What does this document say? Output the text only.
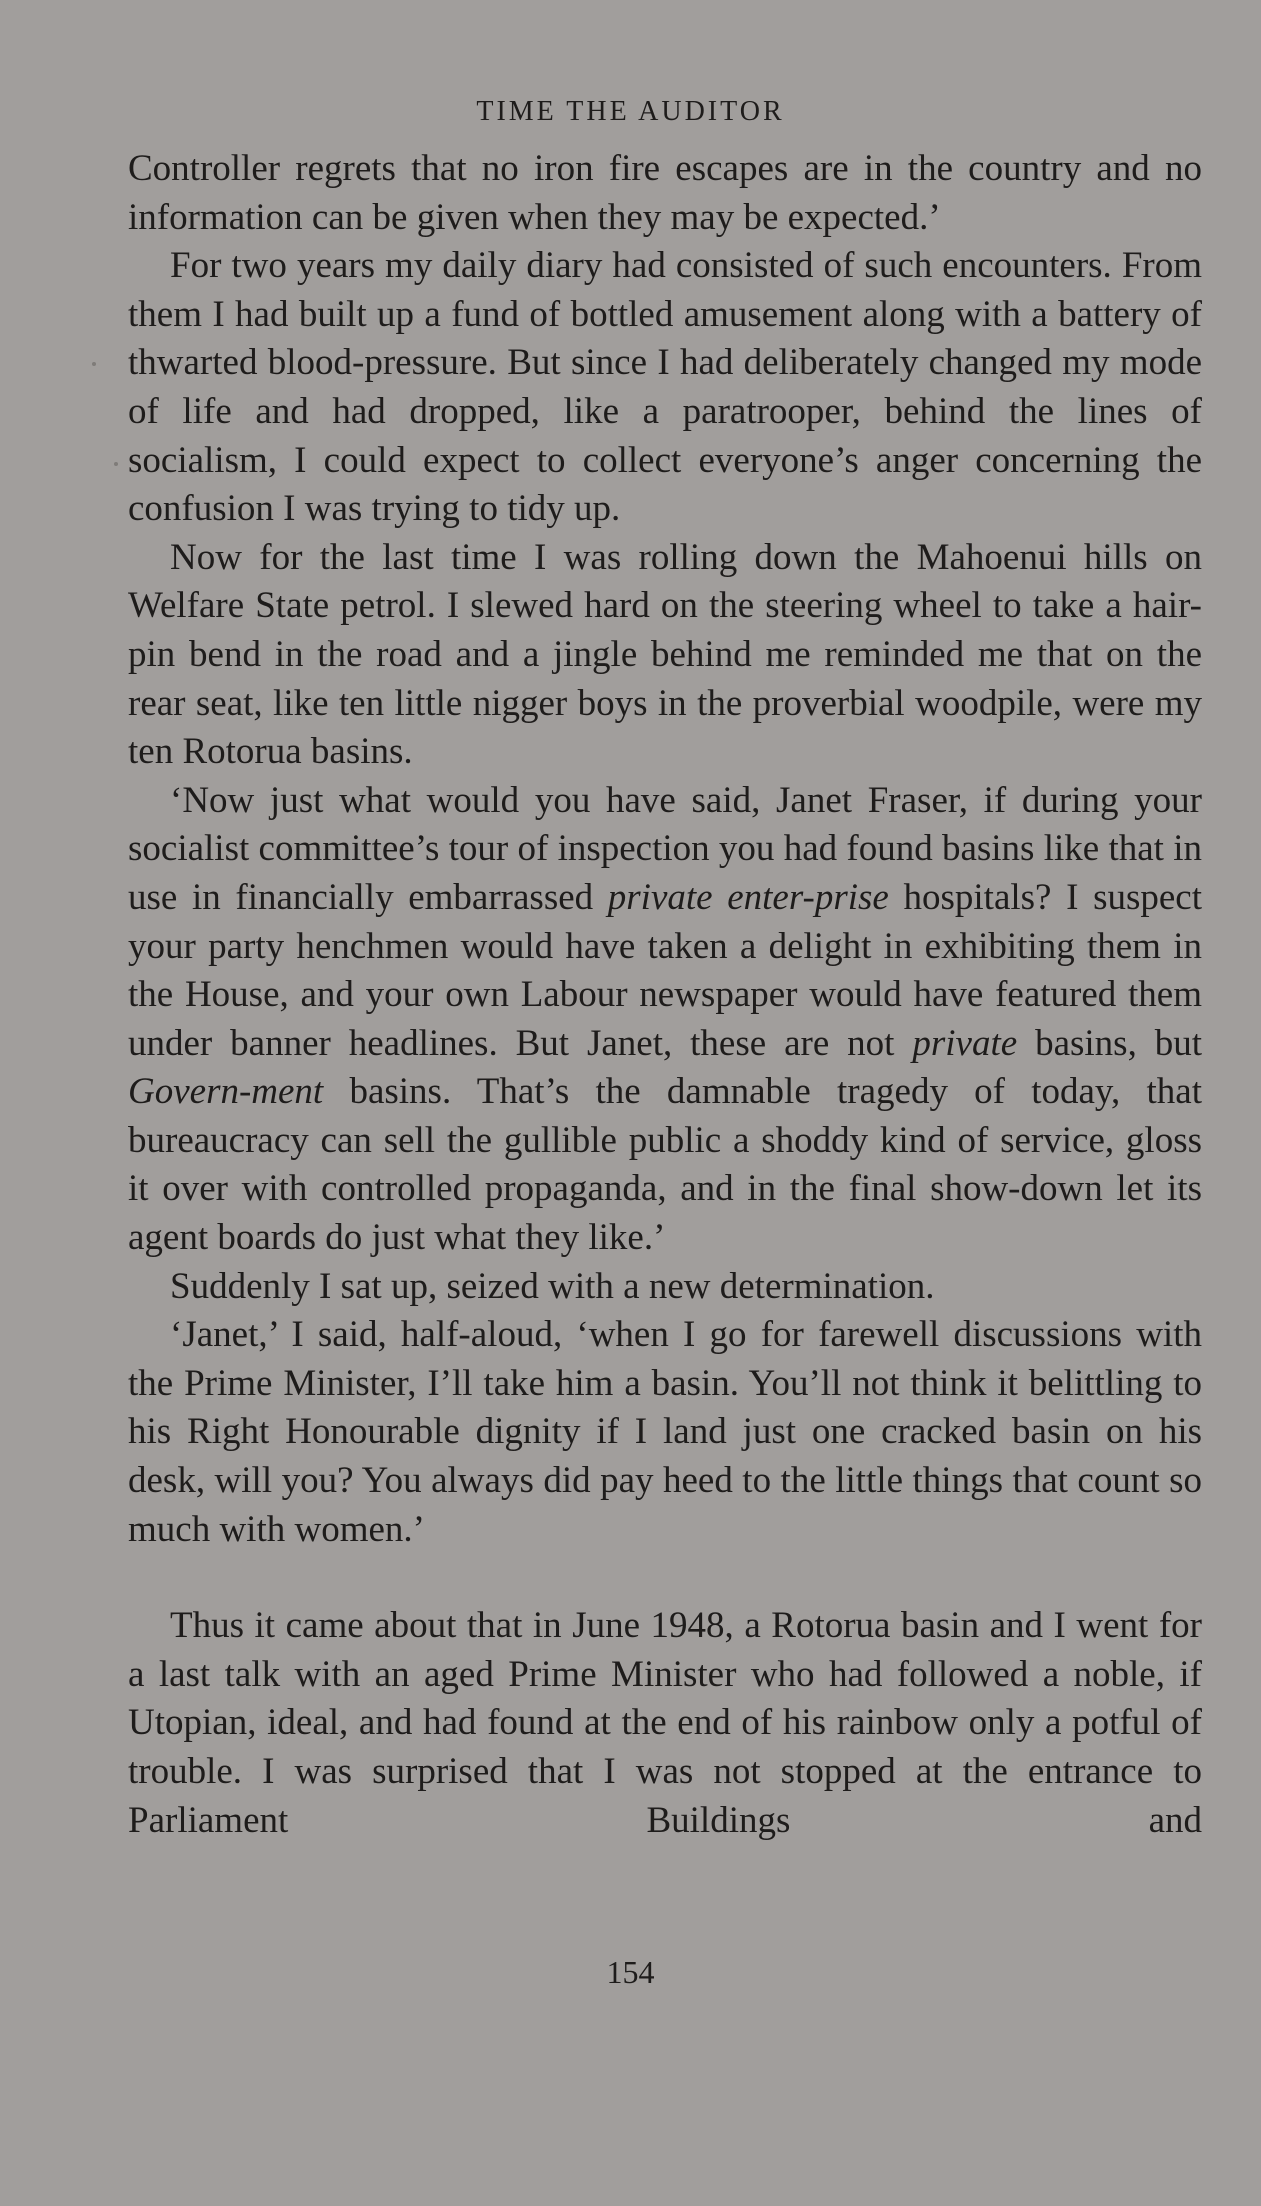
TIME THE AUDITOR

Controller regrets that no iron fire escapes are in the country and no information can be given when they may be expected.’

For two years my daily diary had consisted of such encounters. From them I had built up a fund of bottled amusement along with a battery of thwarted blood-pressure. But since I had deliberately changed my mode of life and had dropped, like a paratrooper, behind the lines of socialism, I could expect to collect everyone’s anger concerning the confusion I was trying to tidy up.

Now for the last time I was rolling down the Mahoenui hills on Welfare State petrol. I slewed hard on the steering wheel to take a hair-pin bend in the road and a jingle behind me reminded me that on the rear seat, like ten little nigger boys in the proverbial woodpile, were my ten Rotorua basins.

‘Now just what would you have said, Janet Fraser, if during your socialist committee’s tour of inspection you had found basins like that in use in financially embarrassed private enter-prise hospitals? I suspect your party henchmen would have taken a delight in exhibiting them in the House, and your own Labour newspaper would have featured them under banner headlines. But Janet, these are not private basins, but Govern-ment basins. That’s the damnable tragedy of today, that bureaucracy can sell the gullible public a shoddy kind of service, gloss it over with controlled propaganda, and in the final show-down let its agent boards do just what they like.’

Suddenly I sat up, seized with a new determination.

‘Janet,’ I said, half-aloud, ‘when I go for farewell discussions with the Prime Minister, I’ll take him a basin. You’ll not think it belittling to his Right Honourable dignity if I land just one cracked basin on his desk, will you? You always did pay heed to the little things that count so much with women.’

Thus it came about that in June 1948, a Rotorua basin and I went for a last talk with an aged Prime Minister who had followed a noble, if Utopian, ideal, and had found at the end of his rainbow only a potful of trouble. I was surprised that I was not stopped at the entrance to Parliament Buildings and

154
